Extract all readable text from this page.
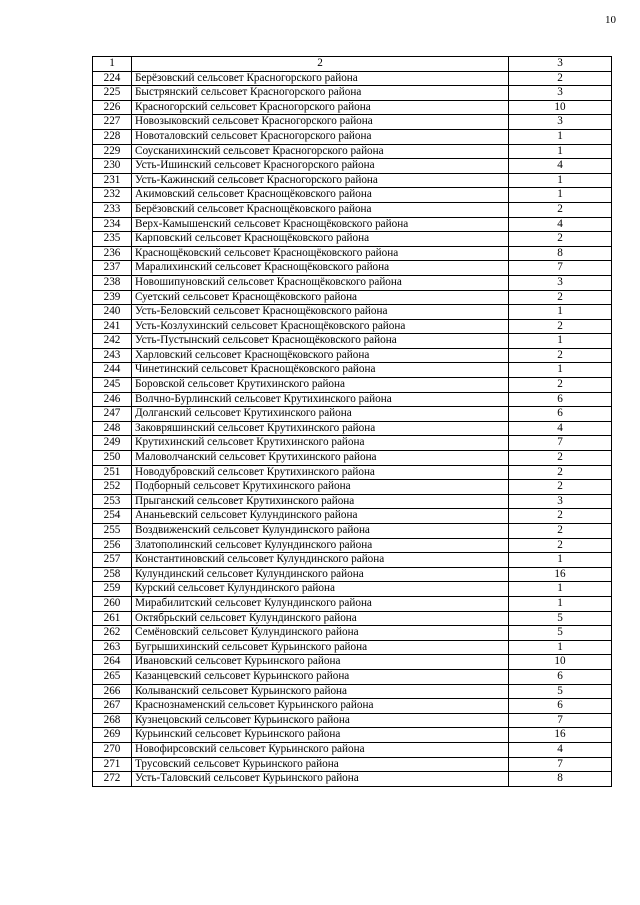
10
1	2	3
224	Берёзовский сельсовет Красногорского района	2
225	Быстрянский сельсовет Красногорского района	3
226	Красногорский сельсовет Красногорского района	10
227	Новозыковский сельсовет Красногорского района	3
228	Новоталовский сельсовет Красногорского района	1
229	Соусканихинский сельсовет Красногорского района	1
230	Усть-Ишинский сельсовет Красногорского района	4
231	Усть-Кажинский сельсовет Красногорского района	1
232	Акимовский сельсовет Краснощёковского района	1
233	Берёзовский сельсовет Краснощёковского района	2
234	Верх-Камышенский сельсовет Краснощёковского района	4
235	Карповский сельсовет Краснощёковского района	2
236	Краснощёковский сельсовет Краснощёковского района	8
237	Маралихинский сельсовет Краснощёковского района	7
238	Новошипуновский сельсовет Краснощёковского района	3
239	Суетский сельсовет Краснощёковского района	2
240	Усть-Беловский сельсовет Краснощёковского района	1
241	Усть-Козлухинский сельсовет Краснощёковского района	2
242	Усть-Пустынский сельсовет Краснощёковского района	1
243	Харловский сельсовет Краснощёковского района	2
244	Чинетинский сельсовет Краснощёковского района	1
245	Боровской сельсовет Крутихинского района	2
246	Волчно-Бурлинский сельсовет Крутихинского района	6
247	Долганский сельсовет Крутихинского района	6
248	Заковряшинский сельсовет Крутихинского района	4
249	Крутихинский сельсовет Крутихинского района	7
250	Маловолчанский сельсовет Крутихинского района	2
251	Новодубровский сельсовет Крутихинского района	2
252	Подборный сельсовет Крутихинского района	2
253	Прыганский сельсовет Крутихинского района	3
254	Ананьевский сельсовет Кулундинского района	2
255	Воздвиженский сельсовет Кулундинского района	2
256	Златополинский сельсовет Кулундинского района	2
257	Константиновский сельсовет Кулундинского района	1
258	Кулундинский сельсовет Кулундинского района	16
259	Курский сельсовет Кулундинского района	1
260	Мирабилитский сельсовет Кулундинского района	1
261	Октябрьский сельсовет Кулундинского района	5
262	Семёновский сельсовет Кулундинского района	5
263	Бугрышихинский сельсовет Курьинского района	1
264	Ивановский сельсовет Курьинского района	10
265	Казанцевский сельсовет Курьинского района	6
266	Колыванский сельсовет Курьинского района	5
267	Краснознаменский сельсовет Курьинского района	6
268	Кузнецовский сельсовет Курьинского района	7
269	Курьинский сельсовет Курьинского района	16
270	Новофирсовский сельсовет Курьинского района	4
271	Трусовский сельсовет Курьинского района	7
272	Усть-Таловский сельсовет Курьинского района	8
